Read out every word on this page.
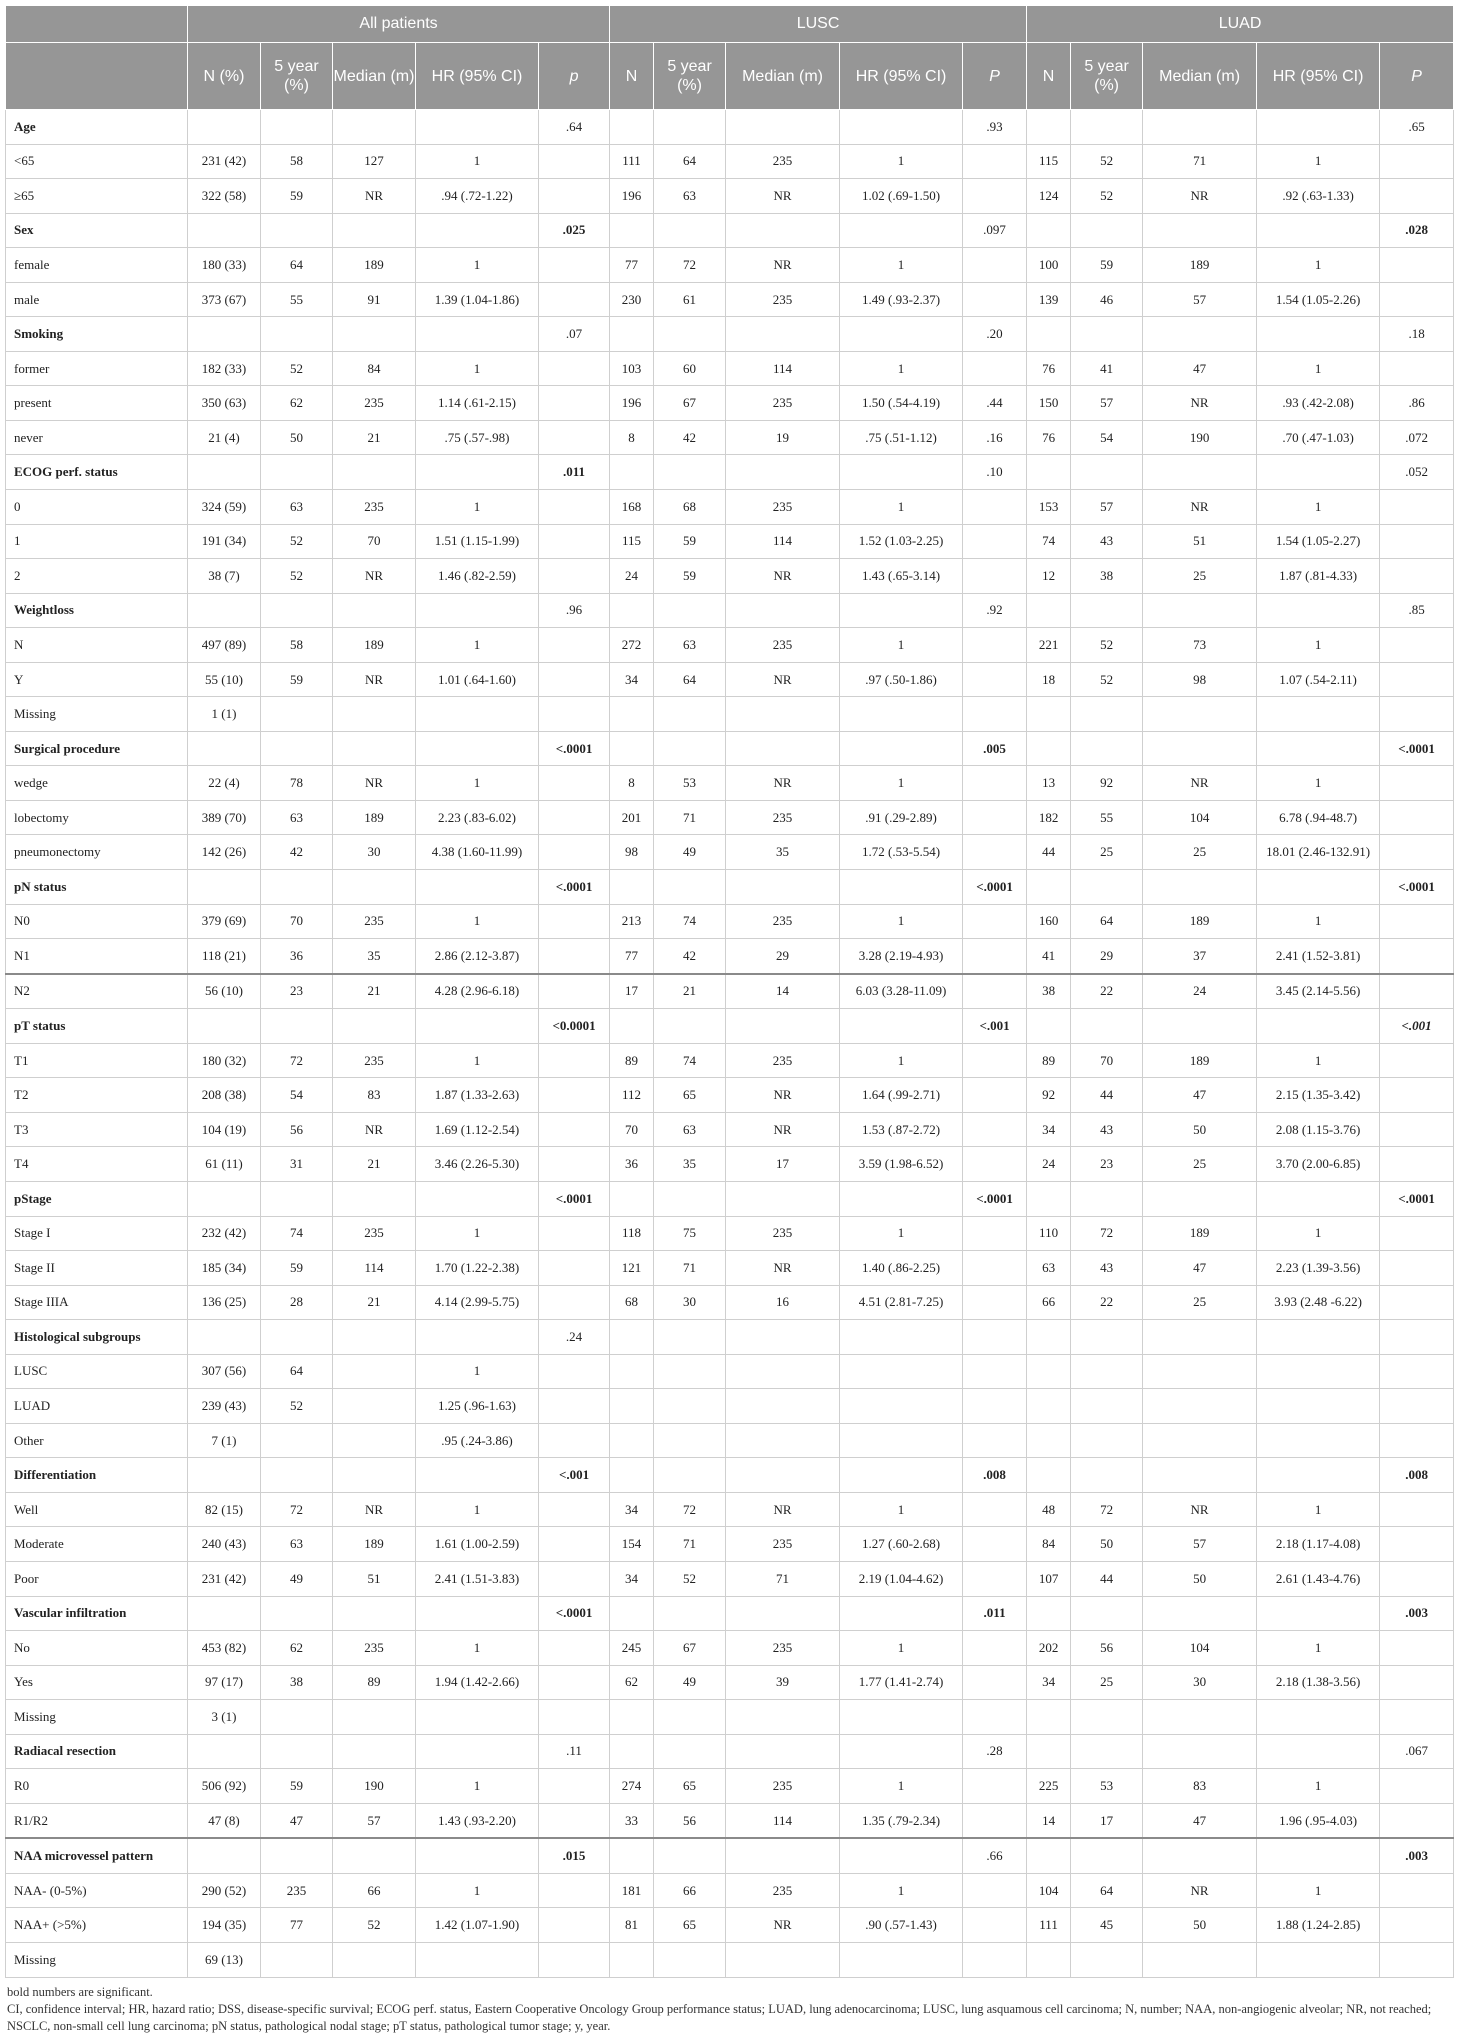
	All patients					LUSC					LUAD				
	N (%)	5 year (%)	Median (m)	HR (95% CI)	p	N	5 year (%)	Median (m)	HR (95% CI)	P	N	5 year (%)	Median (m)	HR (95% CI)	P
Age					.64					.93					.65
<65	231 (42)	58	127	1		111	64	235	1		115	52	71	1	
≥65	322 (58)	59	NR	.94 (.72-1.22)		196	63	NR	1.02 (.69-1.50)		124	52	NR	.92 (.63-1.33)	
Sex					.025					.097					.028
female	180 (33)	64	189	1		77	72	NR	1		100	59	189	1	
male	373 (67)	55	91	1.39 (1.04-1.86)		230	61	235	1.49 (.93-2.37)		139	46	57	1.54 (1.05-2.26)	
Smoking					.07					.20					.18
former	182 (33)	52	84	1		103	60	114	1		76	41	47	1	
present	350 (63)	62	235	1.14 (.61-2.15)		196	67	235	1.50 (.54-4.19)	.44	150	57	NR	.93 (.42-2.08)	.86
never	21 (4)	50	21	.75 (.57-.98)		8	42	19	.75 (.51-1.12)	.16	76	54	190	.70 (.47-1.03)	.072
ECOG perf. status					.011					.10					.052
0	324 (59)	63	235	1		168	68	235	1		153	57	NR	1	
1	191 (34)	52	70	1.51 (1.15-1.99)		115	59	114	1.52 (1.03-2.25)		74	43	51	1.54 (1.05-2.27)	
2	38 (7)	52	NR	1.46 (.82-2.59)		24	59	NR	1.43 (.65-3.14)		12	38	25	1.87 (.81-4.33)	
Weightloss					.96					.92					.85
N	497 (89)	58	189	1		272	63	235	1		221	52	73	1	
Y	55 (10)	59	NR	1.01 (.64-1.60)		34	64	NR	.97 (.50-1.86)		18	52	98	1.07 (.54-2.11)	
Missing	1 (1)														
Surgical procedure					<.0001					.005					<.0001
wedge	22 (4)	78	NR	1		8	53	NR	1		13	92	NR	1	
lobectomy	389 (70)	63	189	2.23 (.83-6.02)		201	71	235	.91 (.29-2.89)		182	55	104	6.78 (.94-48.7)	
pneumonectomy	142 (26)	42	30	4.38 (1.60-11.99)		98	49	35	1.72 (.53-5.54)		44	25	25	18.01 (2.46-132.91)	
pN status					<.0001					<.0001					<.0001
N0	379 (69)	70	235	1		213	74	235	1		160	64	189	1	
N1	118 (21)	36	35	2.86 (2.12-3.87)		77	42	29	3.28 (2.19-4.93)		41	29	37	2.41 (1.52-3.81)	
N2	56 (10)	23	21	4.28 (2.96-6.18)		17	21	14	6.03 (3.28-11.09)		38	22	24	3.45 (2.14-5.56)	
pT status					<0.0001					<.001					<.001
T1	180 (32)	72	235	1		89	74	235	1		89	70	189	1	
T2	208 (38)	54	83	1.87 (1.33-2.63)		112	65	NR	1.64 (.99-2.71)		92	44	47	2.15 (1.35-3.42)	
T3	104 (19)	56	NR	1.69 (1.12-2.54)		70	63	NR	1.53 (.87-2.72)		34	43	50	2.08 (1.15-3.76)	
T4	61 (11)	31	21	3.46 (2.26-5.30)		36	35	17	3.59 (1.98-6.52)		24	23	25	3.70 (2.00-6.85)	
pStage					<.0001					<.0001					<.0001
Stage I	232 (42)	74	235	1		118	75	235	1		110	72	189	1	
Stage II	185 (34)	59	114	1.70 (1.22-2.38)		121	71	NR	1.40 (.86-2.25)		63	43	47	2.23 (1.39-3.56)	
Stage IIIA	136 (25)	28	21	4.14 (2.99-5.75)		68	30	16	4.51 (2.81-7.25)		66	22	25	3.93 (2.48 -6.22)	
Histological subgroups					.24										
LUSC	307 (56)	64		1											
LUAD	239 (43)	52		1.25 (.96-1.63)											
Other	7 (1)			.95 (.24-3.86)											
Differentiation					<.001					.008					.008
Well	82 (15)	72	NR	1		34	72	NR	1		48	72	NR	1	
Moderate	240 (43)	63	189	1.61 (1.00-2.59)		154	71	235	1.27 (.60-2.68)		84	50	57	2.18 (1.17-4.08)	
Poor	231 (42)	49	51	2.41 (1.51-3.83)		34	52	71	2.19 (1.04-4.62)		107	44	50	2.61 (1.43-4.76)	
Vascular infiltration					<.0001					.011					.003
No	453 (82)	62	235	1		245	67	235	1		202	56	104	1	
Yes	97 (17)	38	89	1.94 (1.42-2.66)		62	49	39	1.77 (1.41-2.74)		34	25	30	2.18 (1.38-3.56)	
Missing	3 (1)														
Radiacal resection					.11					.28					.067
R0	506 (92)	59	190	1		274	65	235	1		225	53	83	1	
R1/R2	47 (8)	47	57	1.43 (.93-2.20)		33	56	114	1.35 (.79-2.34)		14	17	47	1.96 (.95-4.03)	
NAA microvessel pattern					.015					.66					.003
NAA- (0-5%)	290 (52)	235	66	1		181	66	235	1		104	64	NR	1	
NAA+ (>5%)	194 (35)	77	52	1.42 (1.07-1.90)		81	65	NR	.90 (.57-1.43)		111	45	50	1.88 (1.24-2.85)	
Missing	69 (13)														
bold numbers are significant.
CI, confidence interval; HR, hazard ratio; DSS, disease-specific survival; ECOG perf. status, Eastern Cooperative Oncology Group performance status; LUAD, lung adenocarcinoma; LUSC, lung asquamous cell carcinoma; N, number; NAA, non-angiogenic alveolar; NR, not reached; NSCLC, non-small cell lung carcinoma; pN status, pathological nodal stage; pT status, pathological tumor stage; y, year.
